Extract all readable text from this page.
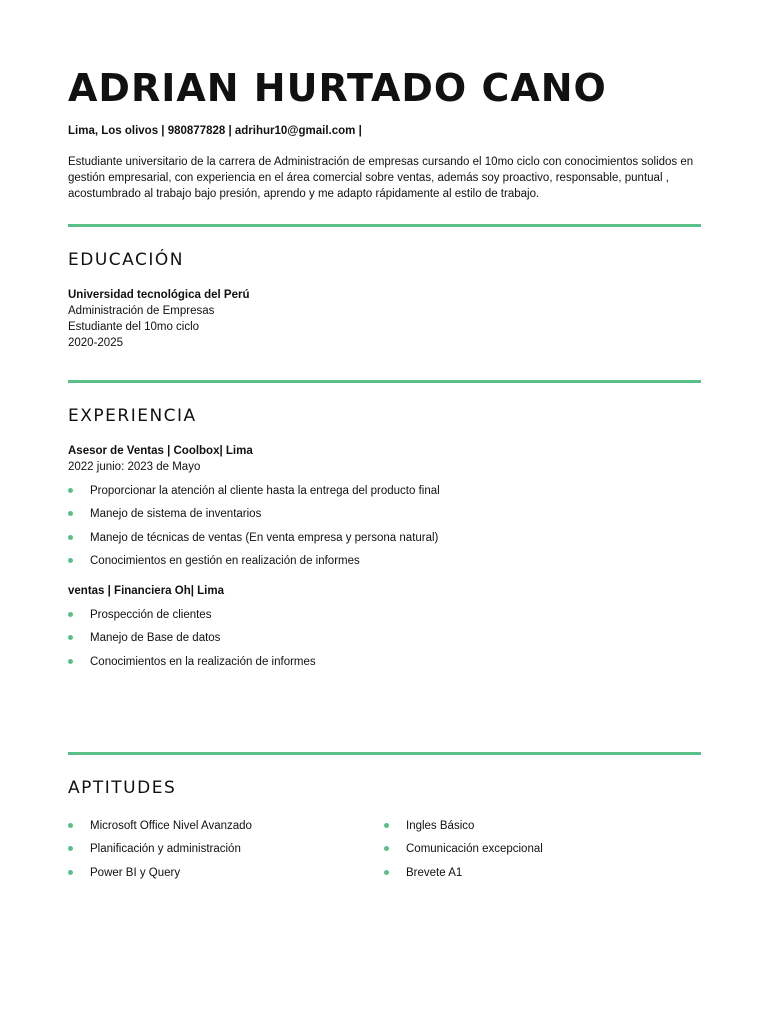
ADRIAN HURTADO CANO
Lima, Los olivos | 980877828 | adrihur10@gmail.com |
Estudiante universitario de la carrera de Administración de empresas cursando el 10mo ciclo con conocimientos solidos en gestión empresarial, con experiencia en el área comercial sobre ventas, además soy proactivo, responsable, puntual , acostumbrado al trabajo bajo presión, aprendo y me adapto rápidamente al estilo de trabajo.
EDUCACIÓN
Universidad tecnológica del Perú
Administración de Empresas
Estudiante del 10mo ciclo
2020-2025
EXPERIENCIA
Asesor de Ventas | Coolbox| Lima
2022 junio: 2023 de Mayo
Proporcionar la atención al cliente hasta la entrega del producto final
Manejo de sistema de inventarios
Manejo de técnicas de ventas (En venta empresa y persona natural)
Conocimientos en gestión en realización de informes
ventas | Financiera Oh| Lima
Prospección de clientes
Manejo de Base de datos
Conocimientos en la realización de informes
APTITUDES
Microsoft Office Nivel Avanzado
Planificación y administración
Power BI y Query
Ingles Básico
Comunicación excepcional
Brevete A1
